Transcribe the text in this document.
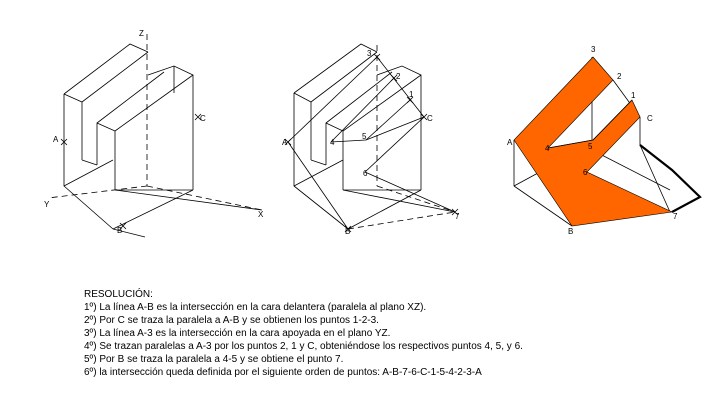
Z
Y
X
A
C
B
A
B
C
1
2
3
4
5
6
7
A
B
C
1
2
3
4	5
6
7

RESOLUCIÓN:

1º) La línea A-B es la intersección en la cara delantera (paralela al plano XZ).

2º) Por C se traza la paralela a A-B y se obtienen los puntos 1-2-3.

3º) La línea A-3 es la intersección en la cara apoyada en el plano YZ.

4º) Se trazan paralelas a A-3 por los puntos 2, 1 y C, obteniéndose los respectivos puntos 4, 5, y 6.

5º) Por B se traza la paralela a 4-5 y se obtiene el punto 7.

6º) la intersección queda definida por el siguiente orden de puntos: A-B-7-6-C-1-5-4-2-3-A
